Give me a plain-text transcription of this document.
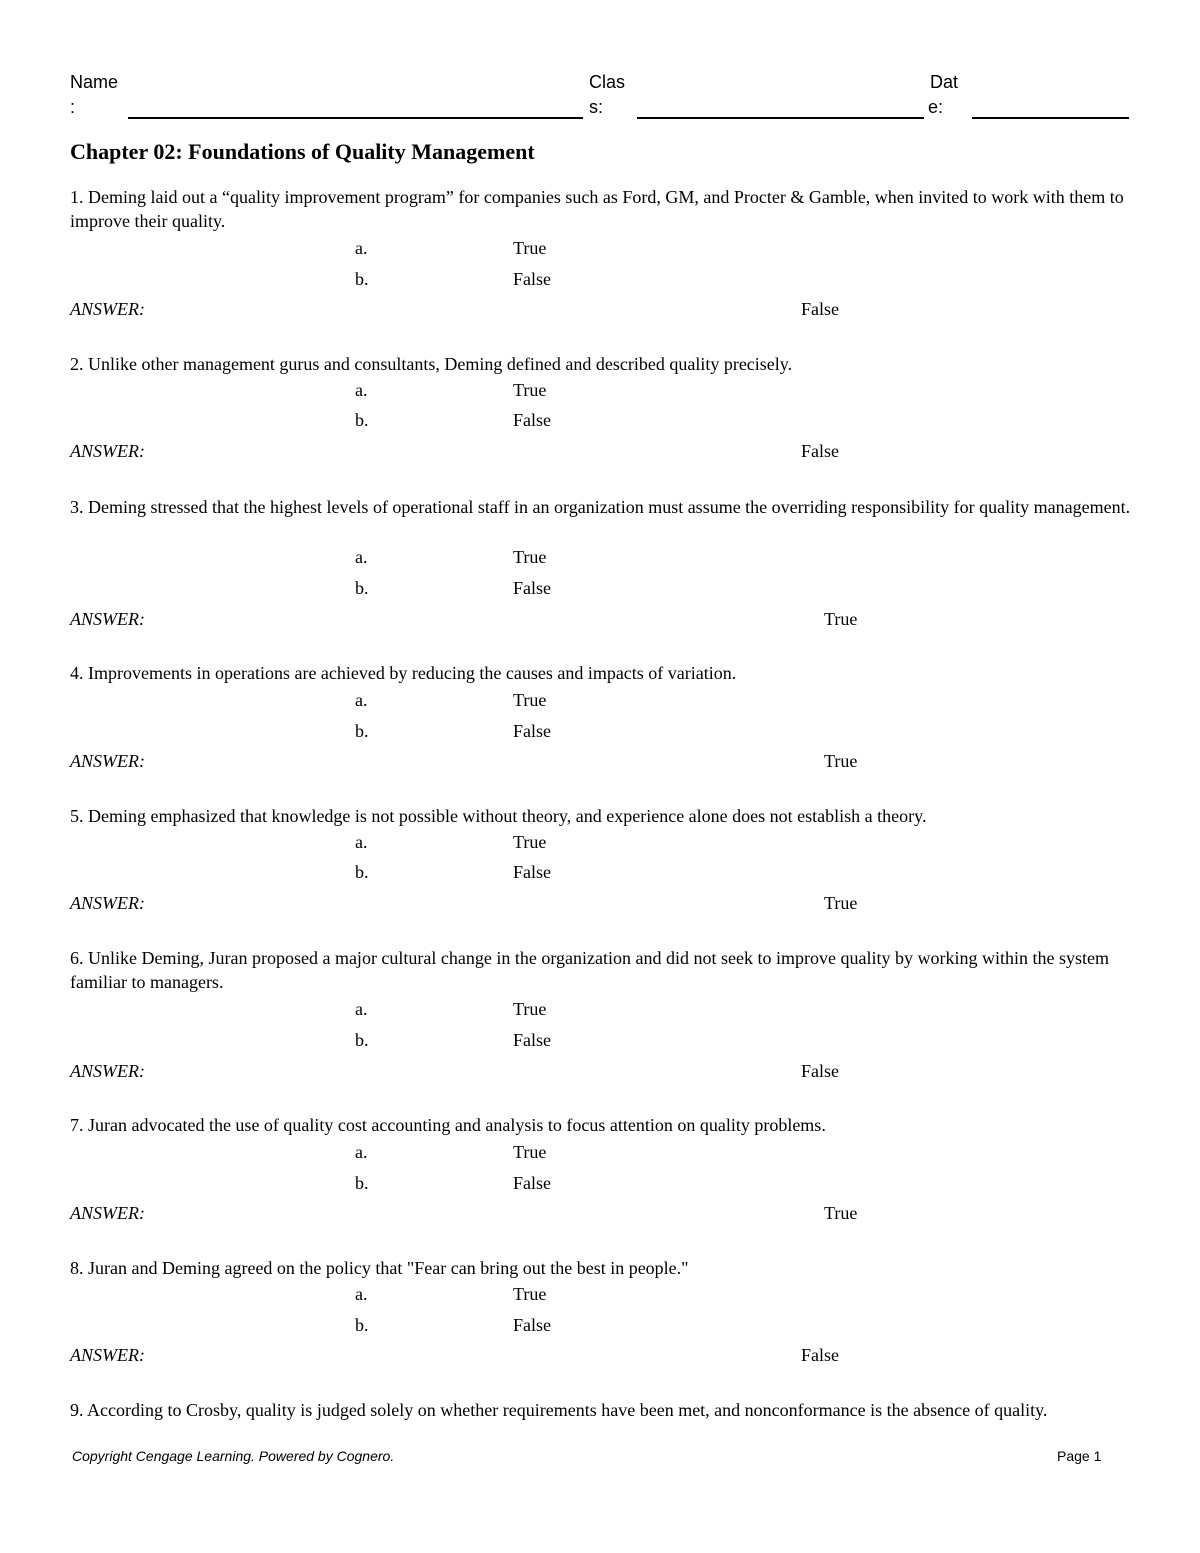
Name
:
Clas
s:
Dat
e:
Chapter 02: Foundations of Quality Management
1. Deming laid out a “quality improvement program” for companies such as Ford, GM, and Procter & Gamble, when invited to work with them to improve their quality.
a.	True
b.	False
ANSWER:	False
2. Unlike other management gurus and consultants, Deming defined and described quality precisely.
a.	True
b.	False
ANSWER:	False
3. Deming stressed that the highest levels of operational staff in an organization must assume the overriding responsibility for quality management.
a.	True
b.	False
ANSWER:	True
4. Improvements in operations are achieved by reducing the causes and impacts of variation.
a.	True
b.	False
ANSWER:	True
5. Deming emphasized that knowledge is not possible without theory, and experience alone does not establish a theory.
a.	True
b.	False
ANSWER:	True
6. Unlike Deming, Juran proposed a major cultural change in the organization and did not seek to improve quality by working within the system familiar to managers.
a.	True
b.	False
ANSWER:	False
7. Juran advocated the use of quality cost accounting and analysis to focus attention on quality problems.
a.	True
b.	False
ANSWER:	True
8. Juran and Deming agreed on the policy that "Fear can bring out the best in people."
a.	True
b.	False
ANSWER:	False
9. According to Crosby, quality is judged solely on whether requirements have been met, and nonconformance is the absence of quality.
Copyright Cengage Learning. Powered by Cognero.	Page 1
